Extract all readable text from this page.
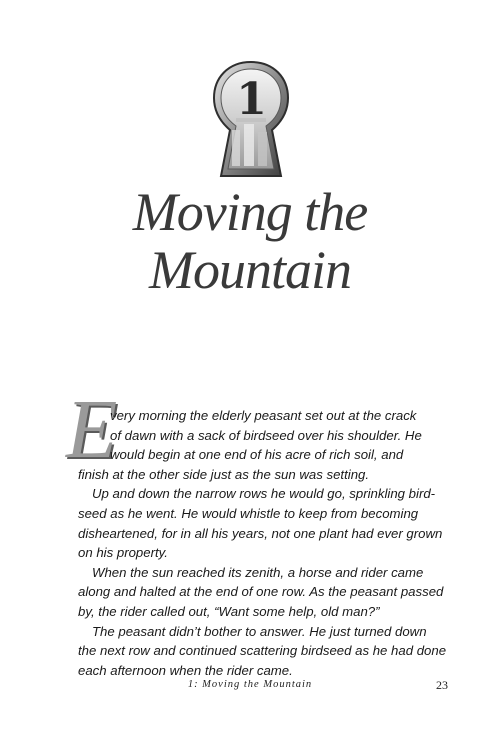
1
Moving the
Mountain
E
very morning the elderly peasant set out at the crack
of dawn with a sack of birdseed over his shoulder. He
would begin at one end of his acre of rich soil, and
finish at the other side just as the sun was setting.
Up and down the narrow rows he would go, sprinkling bird-
seed as he went. He would whistle to keep from becoming
disheartened, for in all his years, not one plant had ever grown
on his property.
When the sun reached its zenith, a horse and rider came
along and halted at the end of one row. As the peasant passed
by, the rider called out, “Want some help, old man?”
The peasant didn’t bother to answer. He just turned down
the next row and continued scattering birdseed as he had done
each afternoon when the rider came.
1: Moving the Mountain	23
